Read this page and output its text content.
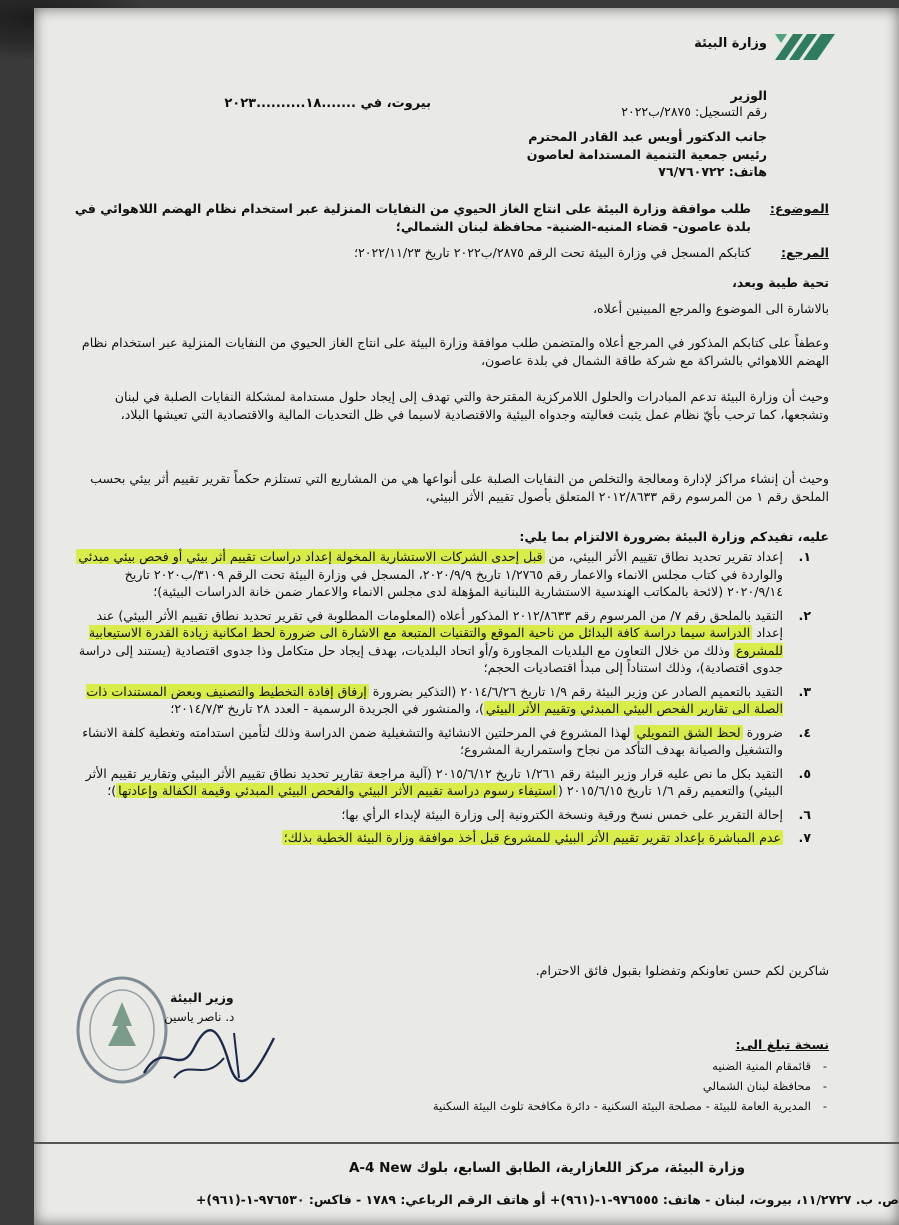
وزارة البيئة
الوزير
رقم التسجيل: ٢٨٧٥/ب٢٠٢٢
بيروت، في .......١٨..........٢٠٢٣
جانب الدكتور أويس عبد القادر المحترم
رئيس جمعية التنمية المستدامة لعاصون
هاتف: ٧٦/٧٦٠٧٢٢
الموضوع: طلب موافقة وزارة البيئة على انتاج الغاز الحيوي من النفايات المنزلية عبر استخدام نظام الهضم اللاهوائي في بلدة عاصون- قضاء المنيه-الضنية- محافظة لبنان الشمالي؛
المرجع: كتابكم المسجل في وزارة البيئة تحت الرقم ٢٨٧٥/ب٢٠٢٢ تاريخ ٢٠٢٢/١١/٢٣؛
تحية طيبة وبعد،
بالاشارة الى الموضوع والمرجع المبينين أعلاه،
وعطفاً على كتابكم المذكور في المرجع أعلاه والمتضمن طلب موافقة وزارة البيئة على انتاج الغاز الحيوي من النفايات المنزلية عبر استخدام نظام الهضم اللاهوائي بالشراكة مع شركة طاقة الشمال في بلدة عاصون،
وحيث أن وزارة البيئة تدعم المبادرات والحلول اللامركزية المقترحة والتي تهدف إلى إيجاد حلول مستدامة لمشكلة النفايات الصلبة في لبنان وتشجعها، كما ترحب بأيّ نظام عمل يثبت فعاليته وجدواه البيئية والاقتصادية لاسيما في ظل التحديات المالية والاقتصادية التي تعيشها البلاد،
وحيث أن إنشاء مراكز لإدارة ومعالجة والتخلص من النفايات الصلبة على أنواعها هي من المشاريع التي تستلزم حكماً تقرير تقييم أثر بيئي بحسب الملحق رقم ١ من المرسوم رقم ٢٠١٢/٨٦٣٣ المتعلق بأصول تقييم الأثر البيئي،
عليه، تفيدكم وزارة البيئة بضرورة الالتزام بما يلي:
١.
إعداد تقرير تحديد نطاق تقييم الأثر البيئي، من قبل إحدى الشركات الاستشارية المخولة إعداد دراسات تقييم أثر بيئي أو فحص بيئي مبدئي والواردة في كتاب مجلس الانماء والاعمار رقم ١/٢٧٦٥ تاريخ ٢٠٢٠/٩/٩، المسجل في وزارة البيئة تحت الرقم ٣١٠٩/ب٢٠٢٠ تاريخ ٢٠٢٠/٩/١٤ (لائحة بالمكاتب الهندسية الاستشارية اللبنانية المؤهلة لدى مجلس الانماء والاعمار ضمن خانة الدراسات البيئية)؛
٢.
التقيد بالملحق رقم ٧/ من المرسوم رقم ٢٠١٢/٨٦٣٣ المذكور أعلاه (المعلومات المطلوبة في تقرير تحديد نطاق تقييم الأثر البيئي) عند إعداد الدراسة سيما دراسة كافة البدائل من ناحية الموقع والتقنيات المتبعة مع الاشارة الى ضرورة لحظ امكانية زيادة القدرة الاستيعابية للمشروع وذلك من خلال التعاون مع البلديات المجاورة و/أو اتحاد البلديات، بهدف إيجاد حل متكامل وذا جدوى اقتصادية (يستند إلى دراسة جدوى اقتصادية)، وذلك استناداً إلى مبدأ اقتصاديات الحجم؛
٣.
التقيد بالتعميم الصادر عن وزير البيئة رقم ١/٩ تاريخ ٢٠١٤/٦/٢٦ (التذكير بضرورة إرفاق إفادة التخطيط والتصنيف وبعض المستندات ذات الصلة الى تقارير الفحص البيئي المبدئي وتقييم الأثر البيئي)، والمنشور في الجريدة الرسمية - العدد ٢٨ تاريخ ٢٠١٤/٧/٣؛
٤.
ضرورة لحظ الشق التمويلي لهذا المشروع في المرحلتين الانشائية والتشغيلية ضمن الدراسة وذلك لتأمين استدامته وتغطية كلفة الانشاء والتشغيل والصيانة بهدف التأكد من نجاح واستمرارية المشروع؛
٥.
التقيد بكل ما نص عليه قرار وزير البيئة رقم ١/٢٦١ تاريخ ٢٠١٥/٦/١٢ (آلية مراجعة تقارير تحديد نطاق تقييم الأثر البيئي وتقارير تقييم الأثر البيئي) والتعميم رقم ١/٦ تاريخ ٢٠١٥/٦/١٥ (استيفاء رسوم دراسة تقييم الأثر البيئي والفحص البيئي المبدئي وقيمة الكفالة وإعادتها)؛
٦.
إحالة التقرير على خمس نسخ ورقية ونسخة الكترونية إلى وزارة البيئة لإبداء الرأي بها؛
٧.
عدم المباشرة بإعداد تقرير تقييم الأثر البيئي للمشروع قبل أخذ موافقة وزارة البيئة الخطية بذلك؛
شاكرين لكم حسن تعاونكم وتفضلوا بقبول فائق الاحترام.
وزير البيئة
د. ناصر ياسين
نسخة تبلغ الى:
- قائمقام المنية الضنيه
- محافظة لبنان الشمالي
- المديرية العامة للبيئة - مصلحة البيئة السكنية - دائرة مكافحة تلوث البيئة السكنية
وزارة البيئة، مركز اللعازارية، الطابق السابع، بلوك A-4 New
ص. ب. ١١/٢٧٢٧، بيروت، لبنان - هاتف: ٩٧٦٥٥٥-١-(٩٦١)+ أو هاتف الرقم الرباعي: ١٧٨٩ - فاكس: ٩٧٦٥٣٠-١-(٩٦١)+
